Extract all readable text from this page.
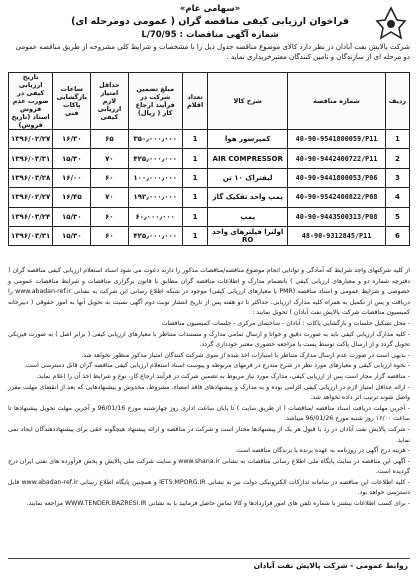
«سهامی عام»
فراخوان ارزیابی کیفی مناقصه گران ( عمومی دومرحله ای)
شماره آگهی مناقصات : 95/L/70
شرکت پالایش نفت آبادان در نظر دارد کالای موضوع مناقصه جدول ذیل را با مشخصات و شرایط کلی مشروحه از طریق مناقصه عمومی دو مرحله ای از سازندگان و تامین کنندگان معتبرخریداری نماید .
ردیف	شماره مناقصه	شرح کالا	تعداد اقلام	مبلغ تضمین شرکت در فرآیند ارجاع کار ( ریال)	حداقل امتیاز لازم ارزیابی کیفی	ساعات بازگشایی پاکات فنی	تاریخ ارزیابی کیفی در صورت عدم فروش اسناد (تاریخ فروش)
1	40-90-9541800059/P11	کمپرسور هوا	1	۳۵۰٫۰۰۰٫۰۰۰	۶۵	۱۶/۳۰	۱۳۹۶/۰۲/۲۷
2	40-90-9442400722/P11	AIR COMPRESSOR	1	۴۲۵٫۰۰۰٫۰۰۰	۷۰	۱۵/۳۰	۱۳۹۶/۰۳/۳۱
3	40-90-9441800053/P06	لیفتراک ۱۰ تن	1	۱۰۰٫۰۰۰٫۰۰۰	۶۰	۱۶/۰۰	۱۳۹۶/۰۳/۲۸
4	40-90-9542400822/P08	پمپ واحد تفکیک گاز	1	۱۹۲٫۰۰۰٫۰۰۰	۷۰	۱۶/۴۵	۱۳۹۶/۰۲/۲۷
5	40-90-9443500313/P08	پمپ	1	۶۰٫۰۰۰٫۰۰۰	۶۰	۱۵/۳۰	۱۳۹۶/۰۳/۲۴
6	48-90-9312845/P11	اولترا فیلترهای واحد RO	1	۴۲۵٫۰۰۰٫۰۰۰	۶۰	۱۵/۳۰	۱۳۹۶/۰۳/۳۱

از کلیه شرکتهای واجد شرایط که آمادگی و توانایی انجام موضوع مناقصه/مناقصات مذکور را دارند دعوت می شود اسناد استعلام ارزیابی کیفی مناقصه گران ( دفترچه شماره دو و معیارهای ارزیابی کیفی ) بانضمام مدارک و اطلاعات مناقصه گران مطابق با قانون برگزاری مناقصات و شرایط مناقصات عمومی و خصوصی و شرایط عمومی و اسناد مناقصه (PMR یا معیارهای ارزیابی کیفی) موجود در شبکه اطلاع رسانی این شرکت به نشانی www.abadan-ref.ir را دریافت و پس از تکمیل به همراه کلیه مدارک ارزیابی، حداکثر تا دو هفته پس از تاریخ انتشار نوبت دوم آگهی نسبت به تحویل آنها به امور حقوقی ( دبیرخانه کمیسیون مناقصات شرکت پالایش نفت آبادان ) تحویل نمایند :

- محل تشکیل جلسات و بازگشایی پاکات : آبادان - ساختمان مرکزی - جلسات کمیسیون مناقصات

- کلیه مدارک ارزیابی کیفی باید به صورت دقیق و خوانا و ارسال تمامی مدارک و مستندات متناظر با معیارهای ارزیابی کیفی ( برابر اصل ) به صورت فیزیکی تحویل گردد و از ارسال پاکت توسط پست یا مراجعه حضوری معتبر خودداری گردد.

- بدیهی است در صورت عدم ارسال مدارک متناظر با امتیازات اخذ شده از سوی شرکت کنندگان امتیاز مذکور منظور نخواهد شد.

- نحوه ارزیابی کیفی و معیارهای مورد نظر در شرح مندرج در فرمهای مربوطه و پیوست اسناد استعلام ارزیابی کیفی مناقصه گران قابل دسترسی است.

- مناقصه گزار مجاز است پس از ارزیابی کیفی، مدارک مورد نیاز مربوط به تضمین شرکت در فرآیند ارجاع کار، نوع و شرایط اخذ آن را اعلام نماید.

- ارائه حداقل امتیاز لازم در ارزیابی کیفی الزامی بوده و به مدارک و پیشنهادهای فاقد امضاء، مشروط، مخدوش و پیشنهادهایی که بعد از انقضای مهلت مقرر واصل شوند ترتیب اثر داده نخواهد شد.

- آخرین مهلت دریافت اسناد مناقصه /مناقصات ( از طریق سایت ) تا پایان ساعت اداری روز چهارشنبه مورخ 96/01/16 و آخرین مهلت تحویل پیشنهادها تا ساعت ۱۶/۰۰ روز شنبه مورخ 96/01/26 میباشد.

- شرکت پالایش نفت آبادان در رد یا قبول هر یک از پیشنهادها مختار است و شرکت در مناقصه و ارائه پیشنهاد هیچگونه حقی برای پیشنهاددهندگان ایجاد نمی نماید.

- هزینه درج آگهی در روزنامه به عهده برنده یا برندگان مناقصه است.

- آگهی این مناقصه در سایت پایگاه ملی اطلاع رسانی مناقصات به نشانی www.shana.ir و سایت شرکت ملی پالایش و پخش فرآورده های نفتی ایران درج گردیده است.

- کلیه اطلاعات این مناقصه در سامانه تدارکات الکترونیکی دولت نیز به نشانی IETS.MPORG.IR و همچنین پایگاه اطلاع رسانی www.abadan-ref.ir قابل دسترسی خواهد بود.

- برای کسب اطلاعات بیشتر با شماره تلفن های امور قراردادها و کالا تماس حاصل فرمایید یا به نشانی WWW.TENDER.BAZRESI.IR مراجعه نمایند.

روابط عمومی - شرکت پالایش نفت آبادان
